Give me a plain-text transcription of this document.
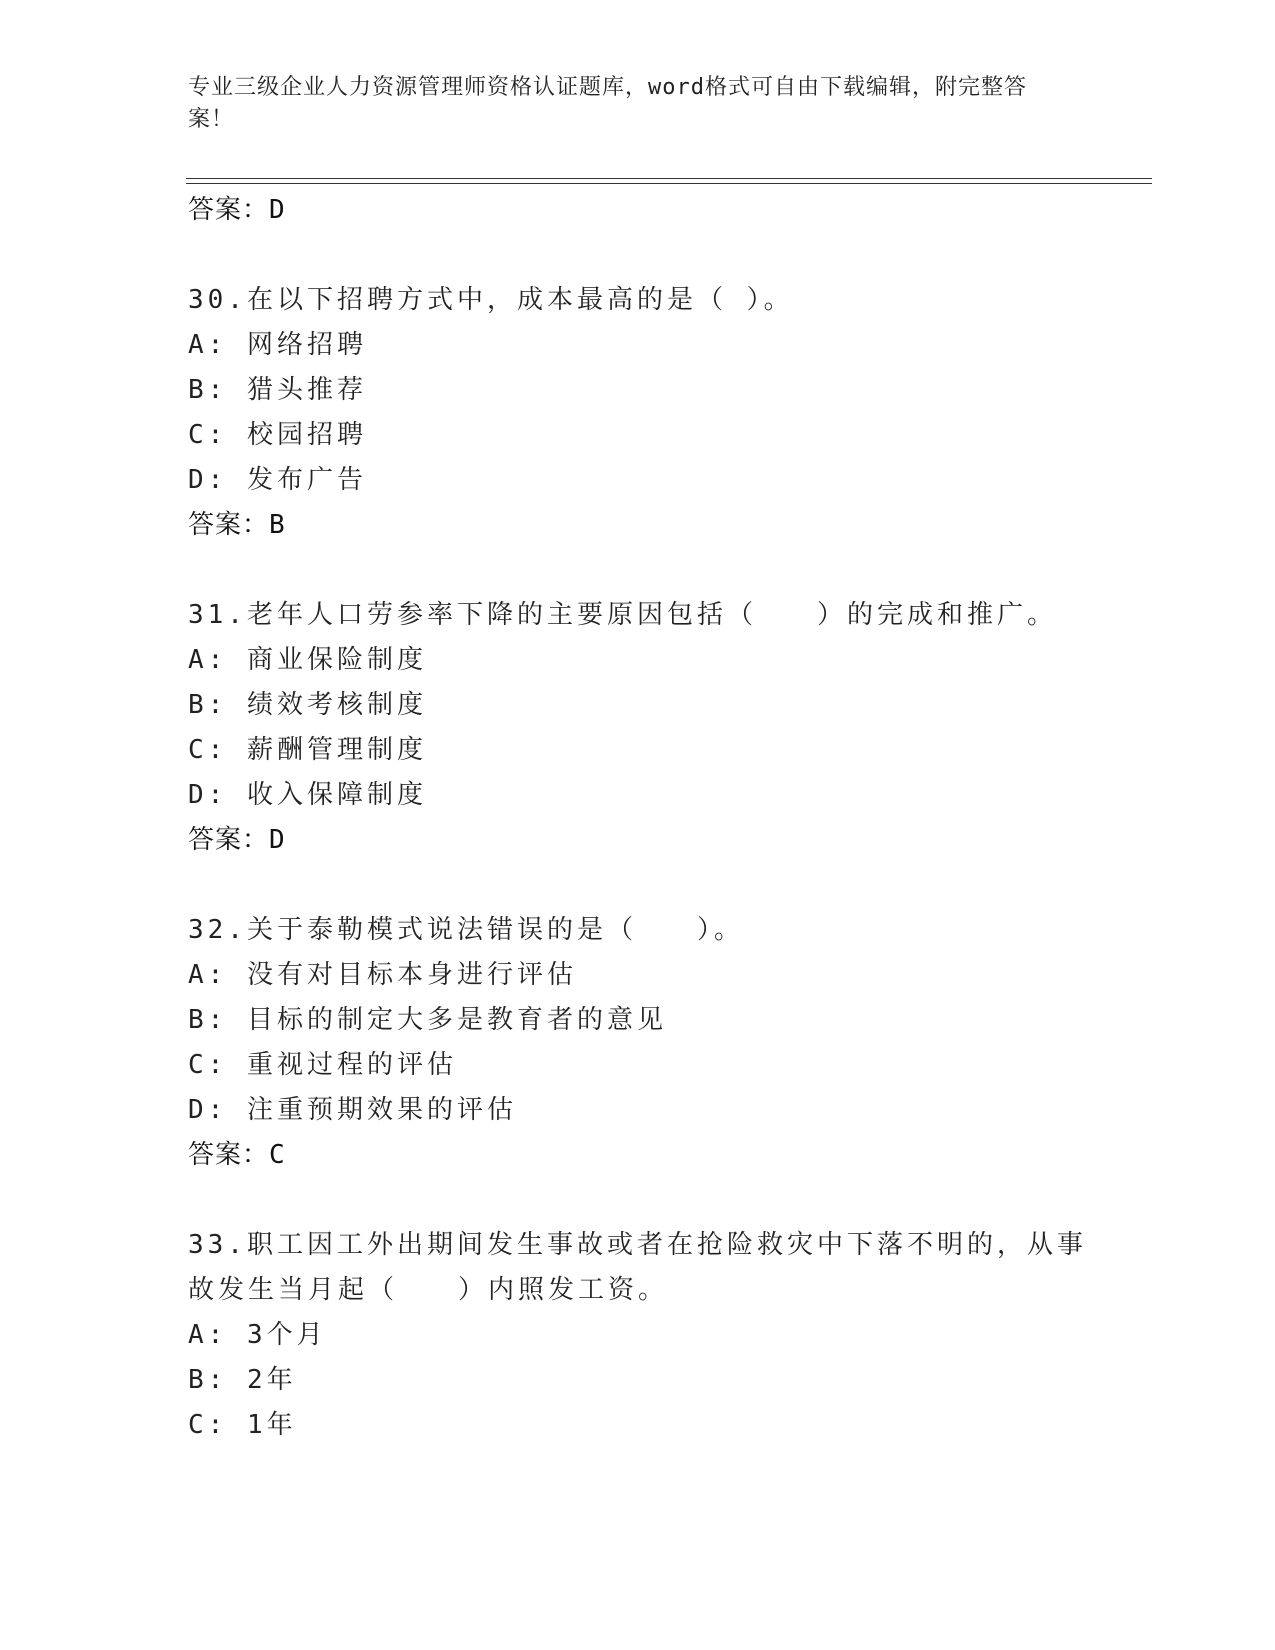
专业三级企业人力资源管理师资格认证题库，word格式可自由下载编辑，附完整答案！
答案：D
30.在以下招聘方式中，成本最高的是（ ）。
A: 网络招聘
B: 猎头推荐
C: 校园招聘
D: 发布广告
答案：B
31.老年人口劳参率下降的主要原因包括（　　）的完成和推广。
A: 商业保险制度
B: 绩效考核制度
C: 薪酬管理制度
D: 收入保障制度
答案：D
32.关于泰勒模式说法错误的是（　　）。
A: 没有对目标本身进行评估
B: 目标的制定大多是教育者的意见
C: 重视过程的评估
D: 注重预期效果的评估
答案：C
33.职工因工外出期间发生事故或者在抢险救灾中下落不明的，从事故发生当月起（　　）内照发工资。
A: 3个月
B: 2年
C: 1年
